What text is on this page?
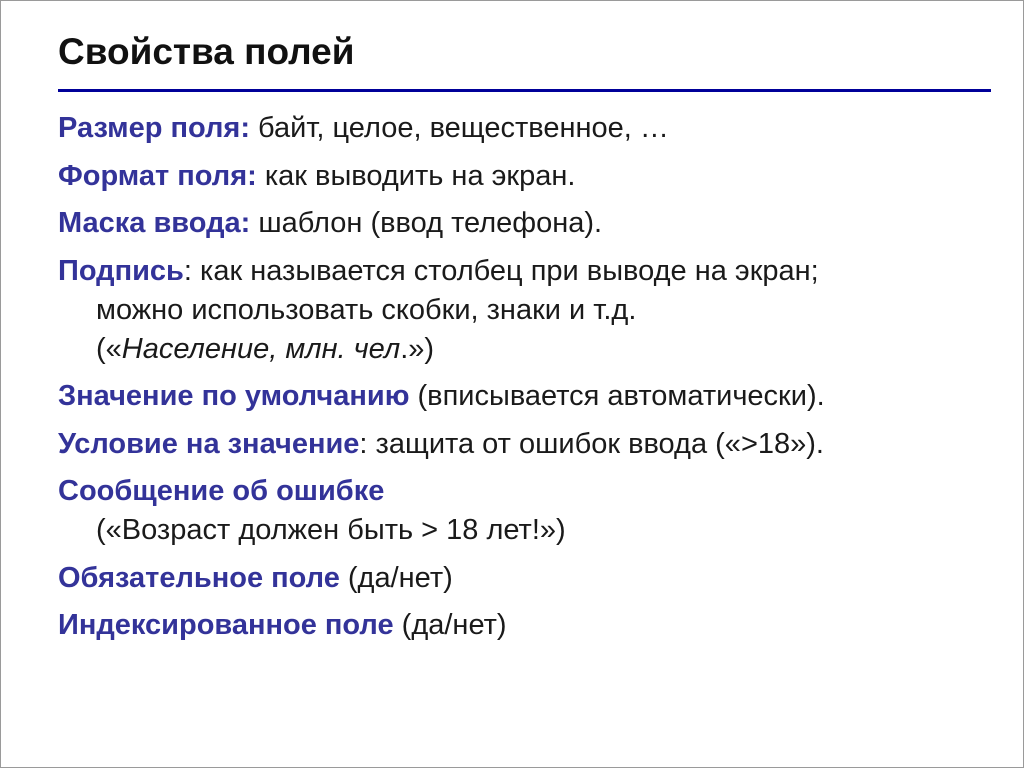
Свойства полей
Размер поля: байт, целое, вещественное, …
Формат поля: как выводить на экран.
Маска ввода: шаблон (ввод телефона).
Подпись: как называется столбец при выводе на экран;
можно использовать скобки, знаки и т.д.
(«Население, млн. чел.»)
Значение по умолчанию (вписывается автоматически).
Условие на значение: защита от ошибок ввода («>18»).
Сообщение об ошибке
(«Возраст должен быть > 18 лет!»)
Обязательное поле (да/нет)
Индексированное поле (да/нет)
